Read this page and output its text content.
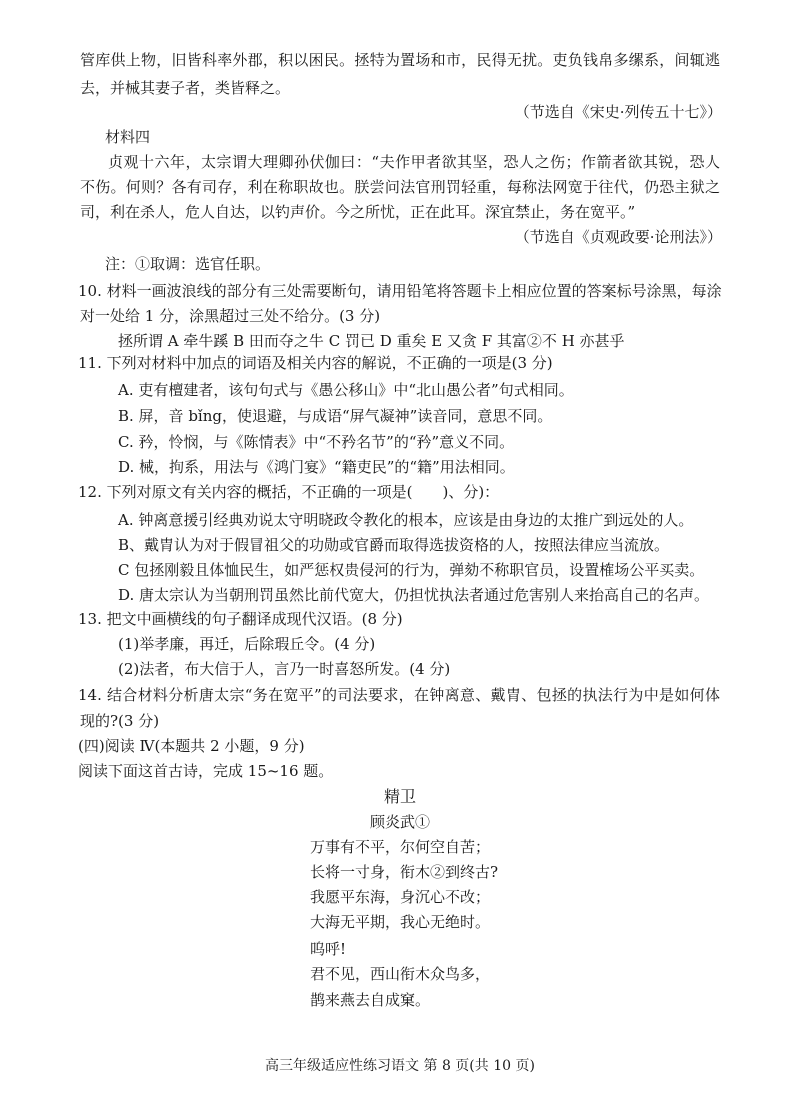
管库供上物，旧皆科率外郡，积以困民。拯特为置场和市，民得无扰。吏负钱帛多缧系，间辄逃
去，并械其妻子者，类皆释之。
（节选自《宋史·列传五十七》）
材料四
贞观十六年，太宗谓大理卿孙伏伽曰：“夫作甲者欲其坚，恐人之伤；作箭者欲其锐，恐人
不伤。何则？各有司存，利在称职故也。朕尝问法官刑罚轻重，每称法网宽于往代，仍恐主狱之
司，利在杀人，危人自达，以钓声价。今之所忧，正在此耳。深宜禁止，务在宽平。”
（节选自《贞观政要·论刑法》）
注：①取调：选官任职。
10. 材料一画波浪线的部分有三处需要断句，请用铅笔将答题卡上相应位置的答案标号涂黑，每涂
对一处给 1 分，涂黑超过三处不给分。(3 分)
拯所谓 A 牵牛蹊 B 田而夺之牛 C 罚已 D 重矣 E 又贪 F 其富②不 H 亦甚乎
11. 下列对材料中加点的词语及相关内容的解说，不正确的一项是(3 分)
A. 吏有檀建者，该句句式与《愚公移山》中“北山愚公者”句式相同。
B. 屏，音 bǐng，使退避，与成语“屏气凝神”读音同，意思不同。
C. 矜，怜悯，与《陈情表》中“不矜名节”的“矜”意义不同。
D. 械，拘系，用法与《鸿门宴》“籍吏民”的“籍”用法相同。
12. 下列对原文有关内容的概括，不正确的一项是(　　)、分)：
A. 钟离意援引经典劝说太守明晓政令教化的根本，应该是由身边的太推广到远处的人。
B、戴胄认为对于假冒祖父的功勋或官爵而取得选拔资格的人，按照法律应当流放。
C 包拯刚毅且体恤民生，如严惩权贵侵河的行为，弹劾不称职官员，设置榷场公平买卖。
D. 唐太宗认为当朝刑罚虽然比前代宽大，仍担忧执法者通过危害别人来抬高自己的名声。
13. 把文中画横线的句子翻译成现代汉语。(8 分)
(1)举孝廉，再迁，后除瑕丘令。(4 分)
(2)法者，布大信于人，言乃一时喜怒所发。(4 分)
14. 结合材料分析唐太宗“务在宽平”的司法要求，在钟离意、戴胄、包拯的执法行为中是如何体
现的?(3 分)
(四)阅读 Ⅳ(本题共 2 小题，9 分)
阅读下面这首古诗，完成 15~16 题。
精卫
顾炎武①
万事有不平，尔何空自苦；
长将一寸身，衔木②到终古?
我愿平东海，身沉心不改；
大海无平期，我心无绝时。
呜呼!
君不见，西山衔木众鸟多，
鹊来燕去自成窠。
高三年级适应性练习语文 第 8 页(共 10 页)
